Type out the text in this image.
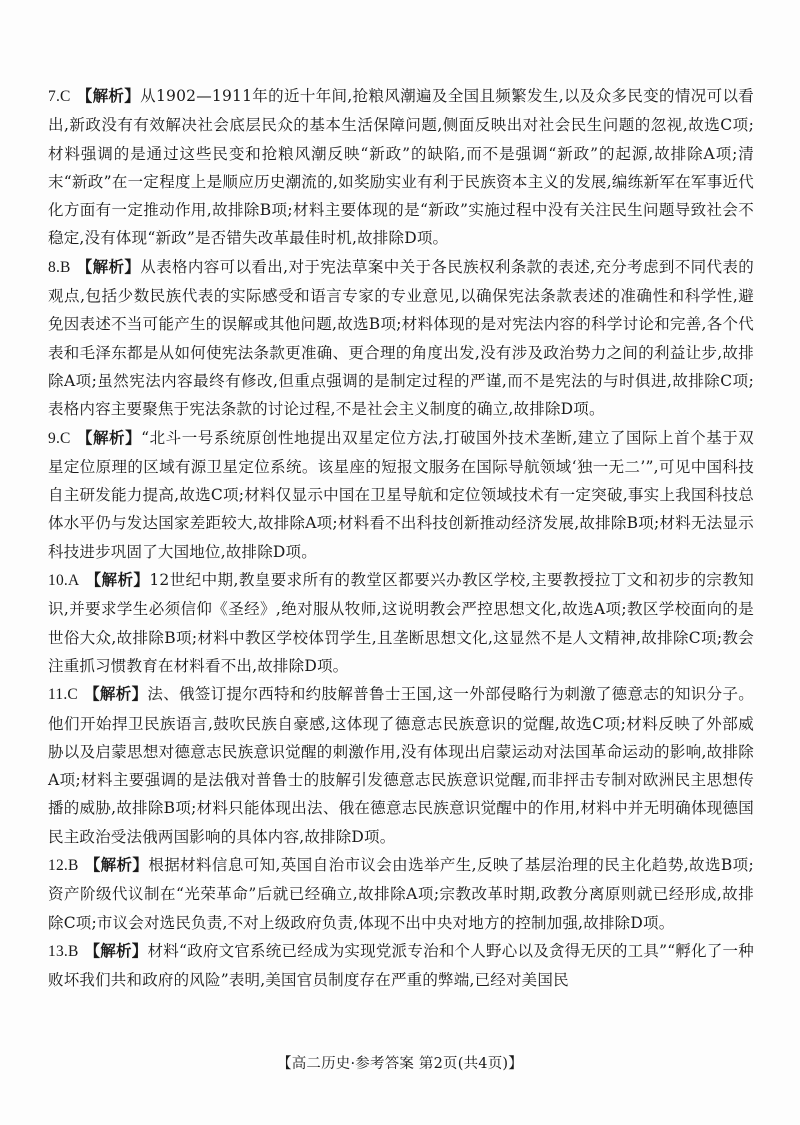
7.C 【解析】从1902—1911年的近十年间,抢粮风潮遍及全国且频繁发生,以及众多民变的情况可以看出,新政没有有效解决社会底层民众的基本生活保障问题,侧面反映出对社会民生问题的忽视,故选C项;材料强调的是通过这些民变和抢粮风潮反映“新政”的缺陷,而不是强调“新政”的起源,故排除A项;清末“新政”在一定程度上是顺应历史潮流的,如奖励实业有利于民族资本主义的发展,编练新军在军事近代化方面有一定推动作用,故排除B项;材料主要体现的是“新政”实施过程中没有关注民生问题导致社会不稳定,没有体现“新政”是否错失改革最佳时机,故排除D项。

8.B 【解析】从表格内容可以看出,对于宪法草案中关于各民族权利条款的表述,充分考虑到不同代表的观点,包括少数民族代表的实际感受和语言专家的专业意见,以确保宪法条款表述的准确性和科学性,避免因表述不当可能产生的误解或其他问题,故选B项;材料体现的是对宪法内容的科学讨论和完善,各个代表和毛泽东都是从如何使宪法条款更准确、更合理的角度出发,没有涉及政治势力之间的利益让步,故排除A项;虽然宪法内容最终有修改,但重点强调的是制定过程的严谨,而不是宪法的与时俱进,故排除C项;表格内容主要聚焦于宪法条款的讨论过程,不是社会主义制度的确立,故排除D项。

9.C 【解析】“北斗一号系统原创性地提出双星定位方法,打破国外技术垄断,建立了国际上首个基于双星定位原理的区域有源卫星定位系统。该星座的短报文服务在国际导航领域‘独一无二’”,可见中国科技自主研发能力提高,故选C项;材料仅显示中国在卫星导航和定位领域技术有一定突破,事实上我国科技总体水平仍与发达国家差距较大,故排除A项;材料看不出科技创新推动经济发展,故排除B项;材料无法显示科技进步巩固了大国地位,故排除D项。

10.A 【解析】12世纪中期,教皇要求所有的教堂区都要兴办教区学校,主要教授拉丁文和初步的宗教知识,并要求学生必须信仰《圣经》,绝对服从牧师,这说明教会严控思想文化,故选A项;教区学校面向的是世俗大众,故排除B项;材料中教区学校体罚学生,且垄断思想文化,这显然不是人文精神,故排除C项;教会注重抓习惯教育在材料看不出,故排除D项。

11.C 【解析】法、俄签订提尔西特和约肢解普鲁士王国,这一外部侵略行为刺激了德意志的知识分子。他们开始捍卫民族语言,鼓吹民族自豪感,这体现了德意志民族意识的觉醒,故选C项;材料反映了外部威胁以及启蒙思想对德意志民族意识觉醒的刺激作用,没有体现出启蒙运动对法国革命运动的影响,故排除A项;材料主要强调的是法俄对普鲁士的肢解引发德意志民族意识觉醒,而非抨击专制对欧洲民主思想传播的威胁,故排除B项;材料只能体现出法、俄在德意志民族意识觉醒中的作用,材料中并无明确体现德国民主政治受法俄两国影响的具体内容,故排除D项。

12.B 【解析】根据材料信息可知,英国自治市议会由选举产生,反映了基层治理的民主化趋势,故选B项;资产阶级代议制在“光荣革命”后就已经确立,故排除A项;宗教改革时期,政教分离原则就已经形成,故排除C项;市议会对选民负责,不对上级政府负责,体现不出中央对地方的控制加强,故排除D项。

13.B 【解析】材料“政府文官系统已经成为实现党派专治和个人野心以及贪得无厌的工具”“孵化了一种败坏我们共和政府的风险”表明,美国官员制度存在严重的弊端,已经对美国民

【高二历史·参考答案 第2页(共4页)】
